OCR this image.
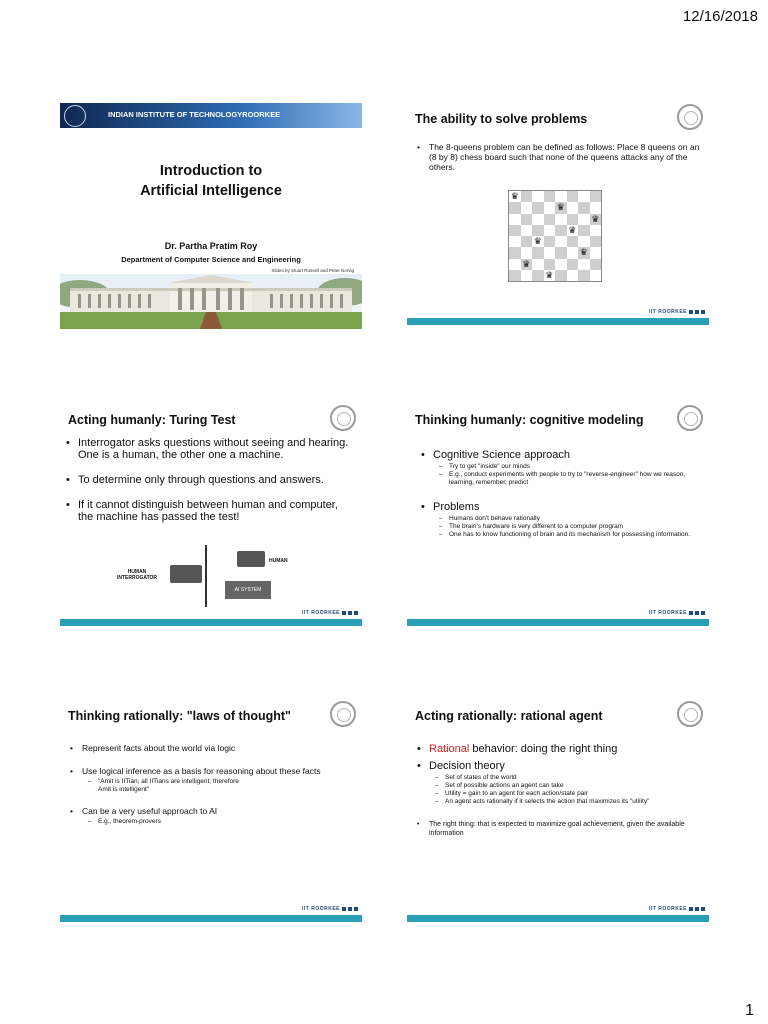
12/16/2018
INDIAN INSTITUTE OF TECHNOLOGYROORKEE
Introduction to
Artificial Intelligence
Dr. Partha Pratim Roy
Department of Computer Science and Engineering
Slides by Stuart Russell and Peter Norvig
The ability to solve problems
• The 8-queens problem can be defined as follows: Place 8 queens on an (8 by 8) chess board such that none of the queens attacks any of the others.
♛
♛
♛
♛
♛
♛
♛
♛
IIT ROORKEE
Acting humanly: Turing Test
• Interrogator asks questions without seeing and hearing. One is a human, the other one a machine.
• To determine only through questions and answers.
• If it cannot distinguish between human and computer, the machine has passed the test!
HUMAN INTERROGATOR
HUMAN
AI SYSTEM
IIT ROORKEE
Thinking humanly: cognitive modeling
• Cognitive Science approach
– Try to get "inside" our minds
– E.g., conduct experiments with people to try to "reverse-engineer" how we reason, learning, remember, predict
• Problems
– Humans don't behave rationally
– The brain's hardware is very different to a computer program
– One has to know functioning of brain and its mechanism for possessing information.
IIT ROORKEE
Thinking rationally: "laws of thought"
• Represent facts about the world via logic
• Use logical inference as a basis for reasoning about these facts
– "Amit is IITian; all IITians are intelligent; therefore Amit is intelligent"
• Can be a very useful approach to AI
– E.g., theorem-provers
IIT ROORKEE
Acting rationally: rational agent
• Rational behavior: doing the right thing
• Decision theory
– Set of states of the world
– Set of possible actions an agent can take
– Utility = gain to an agent for each action/state pair
– An agent acts rationally if it selects the action that maximizes its "utility"
• The right thing: that is expected to maximize goal achievement, given the available information
IIT ROORKEE
1
